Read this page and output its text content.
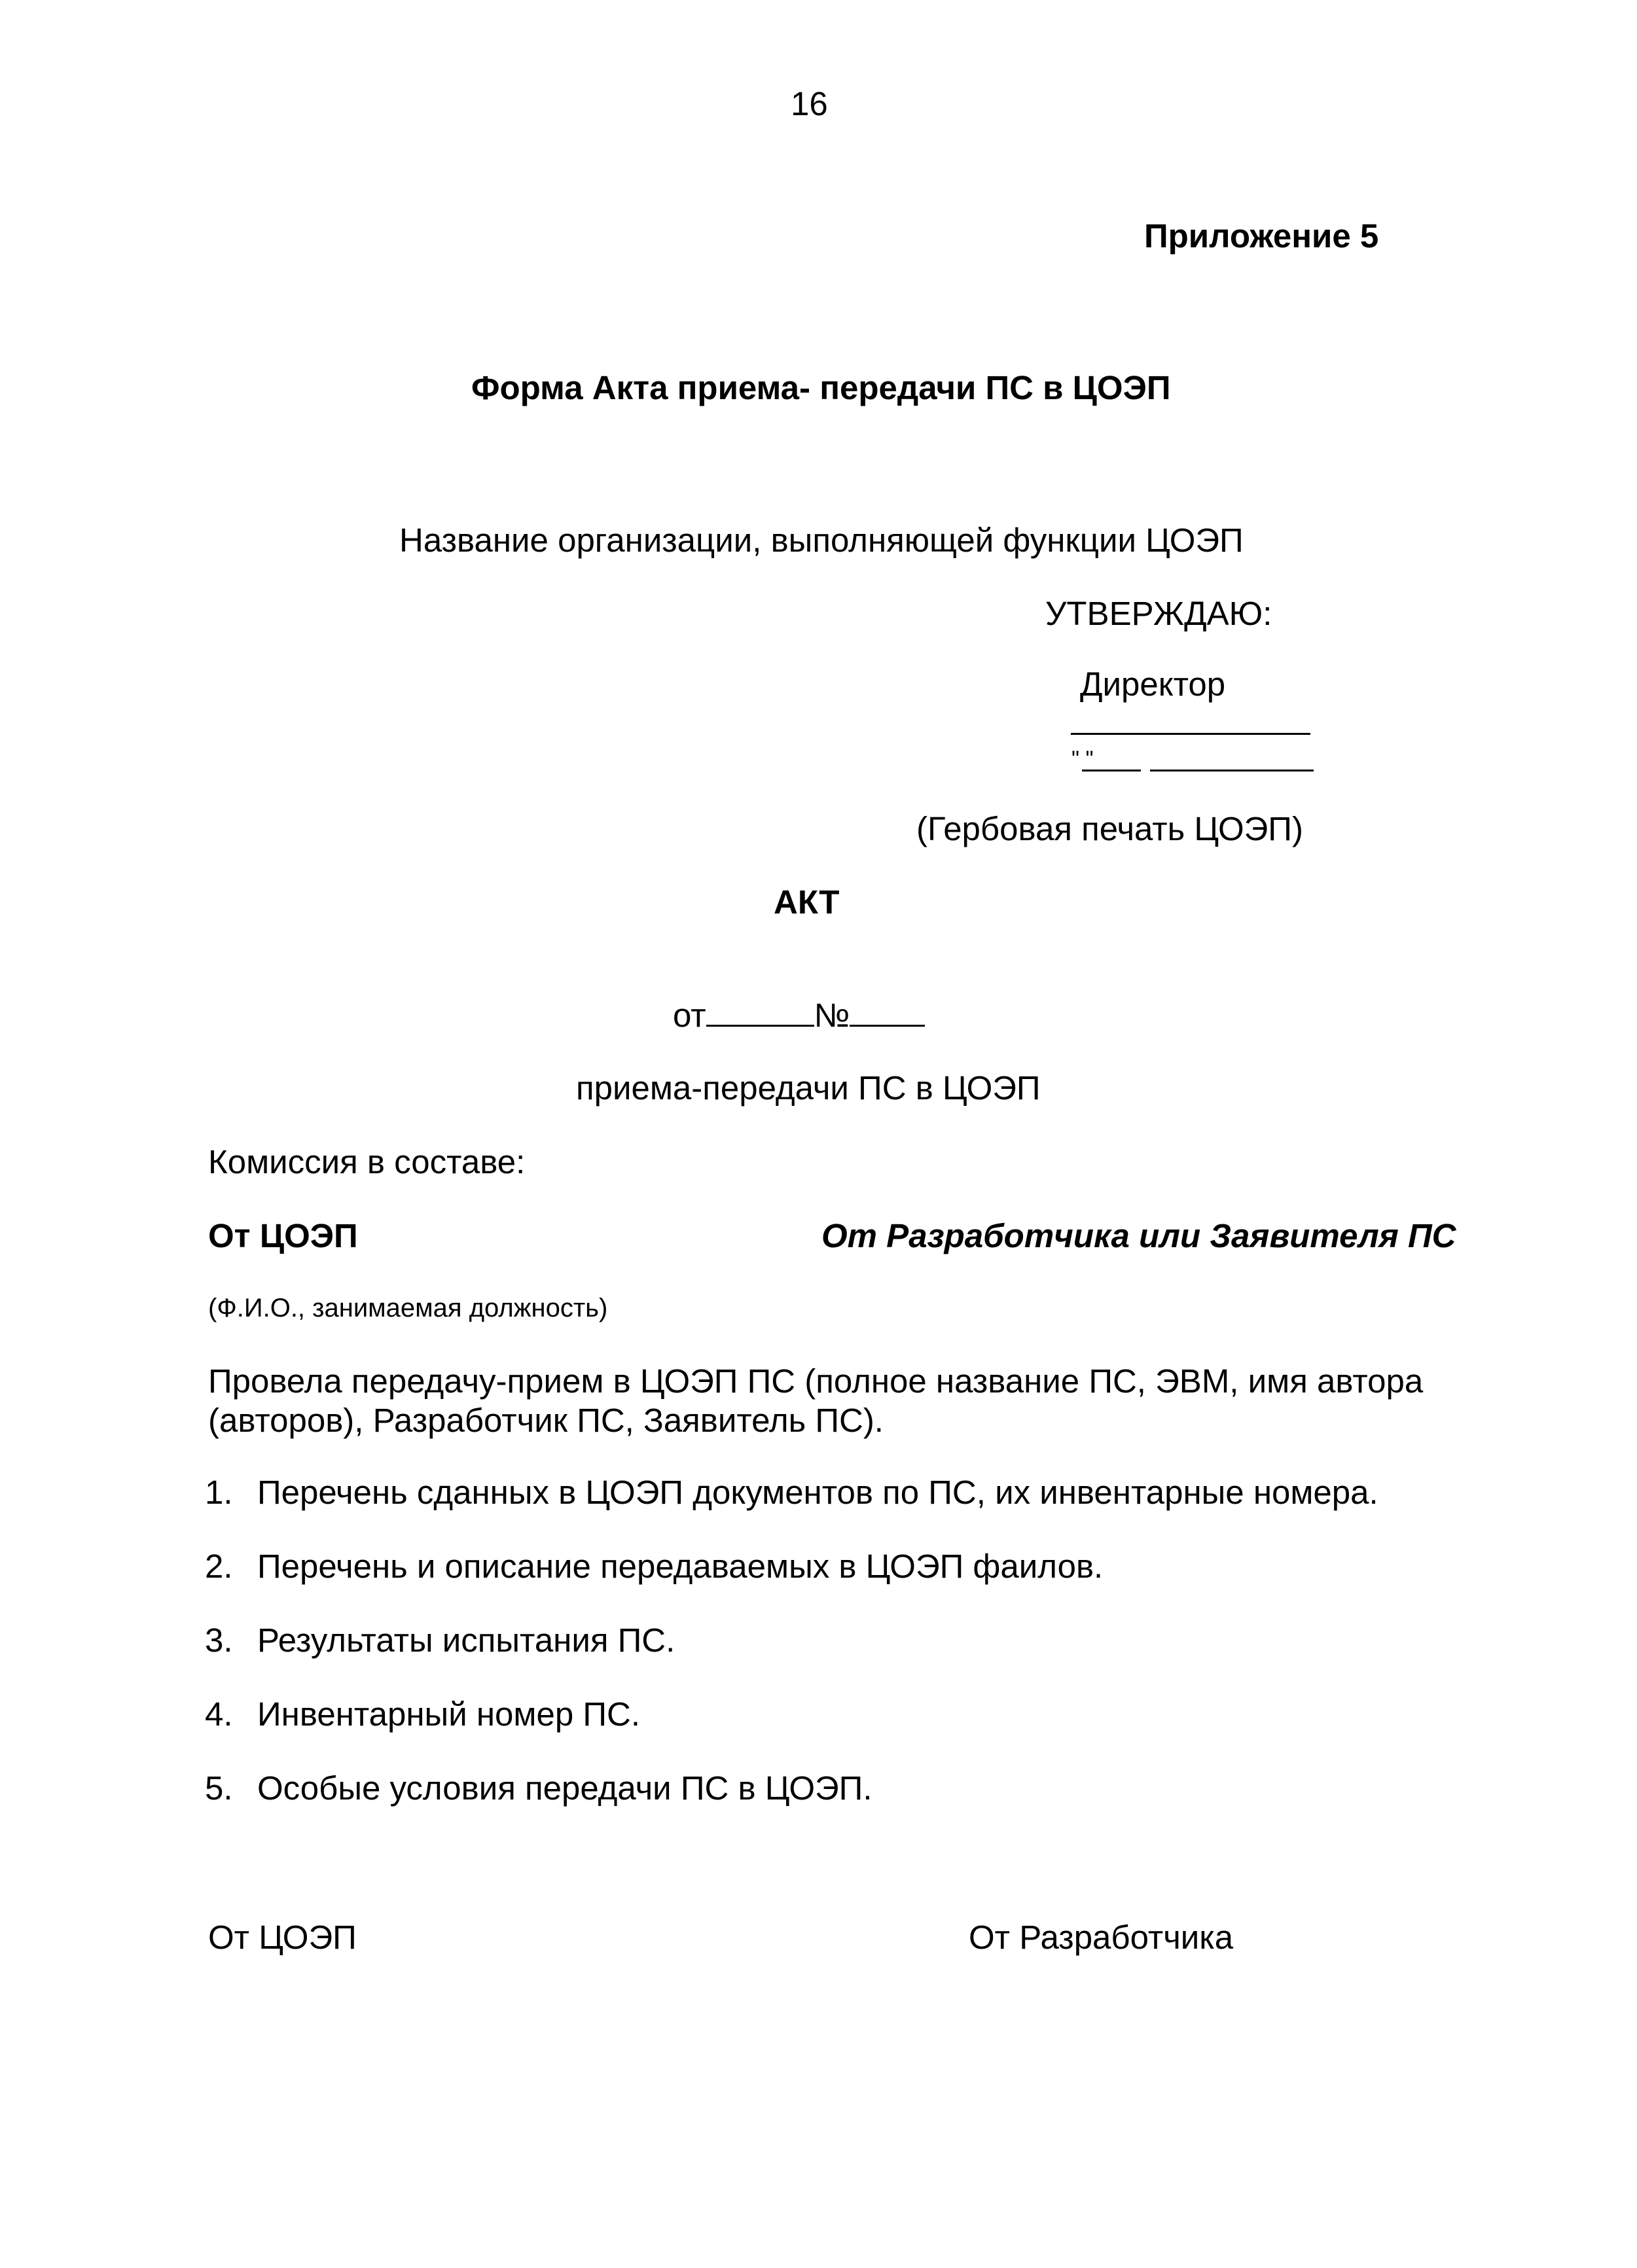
16
Приложение 5
Форма Акта приема- передачи ПС в ЦОЭП
Название организации, выполняющей функции ЦОЭП
УТВЕРЖДАЮ:
Директор
" "
(Гербовая печать ЦОЭП)
АКТ
от	№
приема-передачи ПС в ЦОЭП
Комиссия в составе:
От ЦОЭП	От Разработчика или Заявителя ПС
(Ф.И.О., занимаемая должность)
Провела передачу-прием в ЦОЭП ПС (полное название ПС, ЭВМ, имя автора
(авторов), Разработчик ПС, Заявитель ПС).
1. Перечень сданных в ЦОЭП документов по ПС, их инвентарные номера.
2. Перечень и описание передаваемых в ЦОЭП фаилов.
3. Результаты испытания ПС.
4. Инвентарный номер ПС.
5. Особые условия передачи ПС в ЦОЭП.
От ЦОЭП	От Разработчика
